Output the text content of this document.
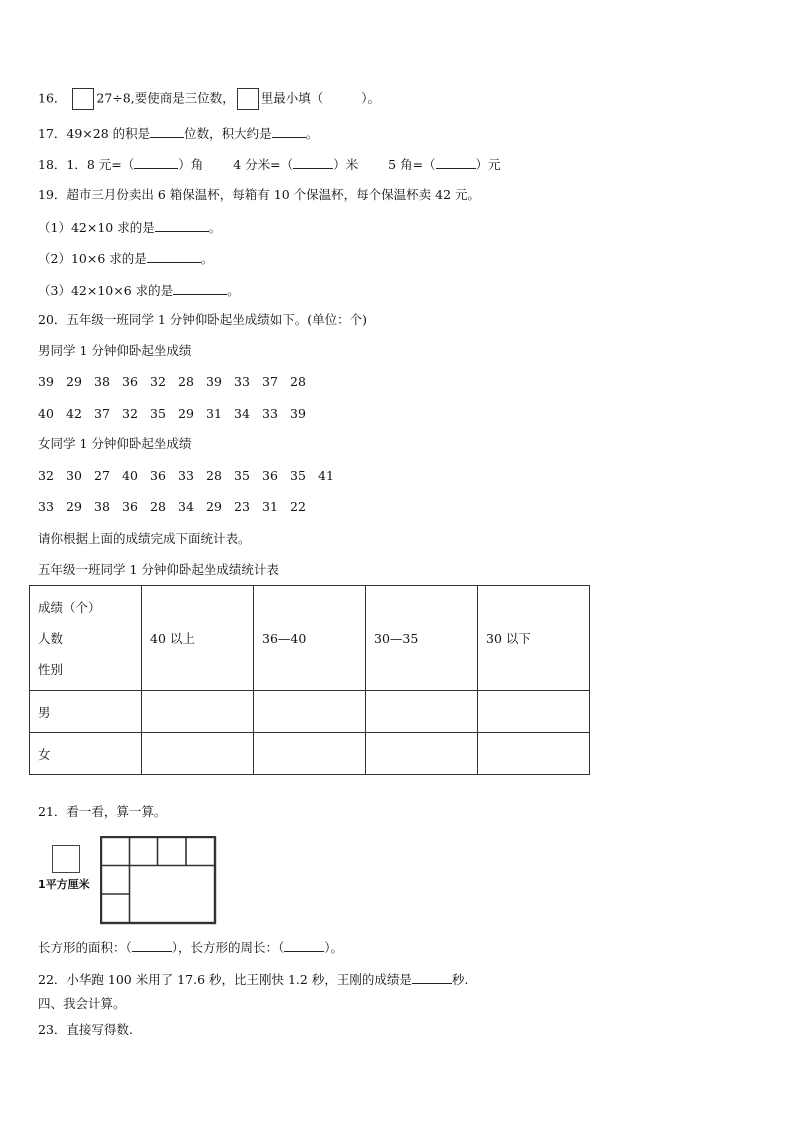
16． 27÷8,要使商是三位数， 里最小填（	）。
17．49×28 的积是	位数，积大约是	。
18．1．8 元=（	）角 4 分米=（	）米 5 角=（	）元
19．超市三月份卖出 6 箱保温杯，每箱有 10 个保温杯，每个保温杯卖 42 元。
（1）42×10 求的是	。
（2）10×6 求的是	。
（3）42×10×6 求的是	。
20．五年级一班同学 1 分钟仰卧起坐成绩如下。(单位：个)
男同学 1 分钟仰卧起坐成绩
39 29 38 36 32 28 39 33 37 28
40 42 37 32 35 29 31 34 33 39
女同学 1 分钟仰卧起坐成绩
32 30 27 40 36 33 28 35 36 35 41
33 29 38 36 28 34 29 23 31 22
请你根据上面的成绩完成下面统计表。
五年级一班同学 1 分钟仰卧起坐成绩统计表
成绩（个）
人数
性别	40 以上	36—40	30—35	30 以下
男				
女				
21．看一看，算一算。
1平方厘米
长方形的面积：（	），长方形的周长：（	）。
22．小华跑 100 米用了 17.6 秒，比王刚快 1.2 秒，王刚的成绩是	秒.
四、我会计算。
23．直接写得数.
